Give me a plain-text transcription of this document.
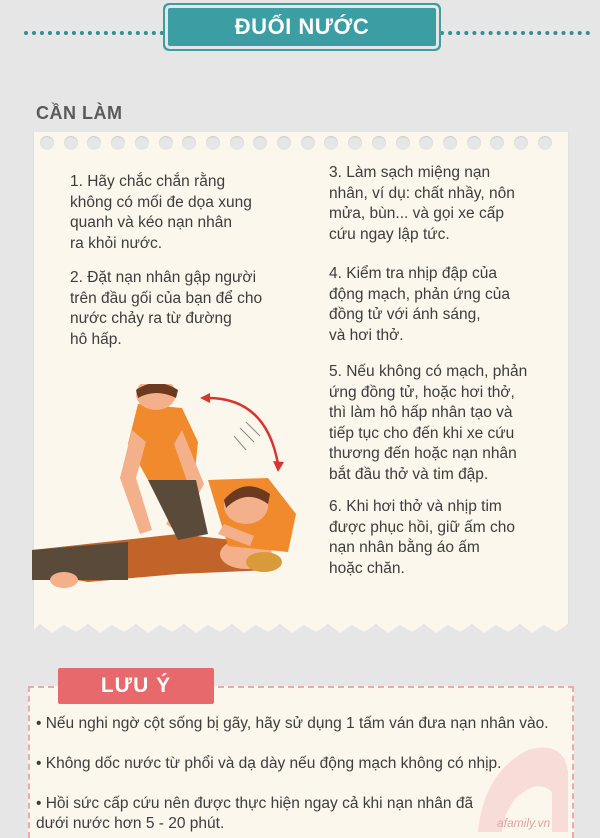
ĐUỐI NƯỚC
CẦN LÀM
1. Hãy chắc chắn rằng
không có mối đe dọa xung
quanh và kéo nạn nhân
ra khỏi nước.
2. Đặt nạn nhân gập người
trên đầu gối của bạn để cho
nước chảy ra từ đường
hô hấp.
3. Làm sạch miệng nạn
nhân, ví dụ: chất nhầy, nôn
mửa, bùn... và gọi xe cấp
cứu ngay lập tức.
4. Kiểm tra nhịp đập của
động mạch, phản ứng của
đồng tử với ánh sáng,
và hơi thở.
5. Nếu không có mạch, phản
ứng đồng tử, hoặc hơi thở,
thì làm hô hấp nhân tạo và
tiếp tục cho đến khi xe cứu
thương đến hoặc nạn nhân
bắt đầu thở và tim đập.
6. Khi hơi thở và nhịp tim
được phục hồi, giữ ấm cho
nạn nhân bằng áo ấm
hoặc chăn.
LƯU Ý
• Nếu nghi ngờ cột sống bị gãy, hãy sử dụng 1 tấm ván đưa nạn nhân vào.
• Không dốc nước từ phổi và dạ dày nếu động mạch không có nhịp.
• Hồi sức cấp cứu nên được thực hiện ngay cả khi nạn nhân đã
dưới nước hơn 5 - 20 phút.	afamily.vn
